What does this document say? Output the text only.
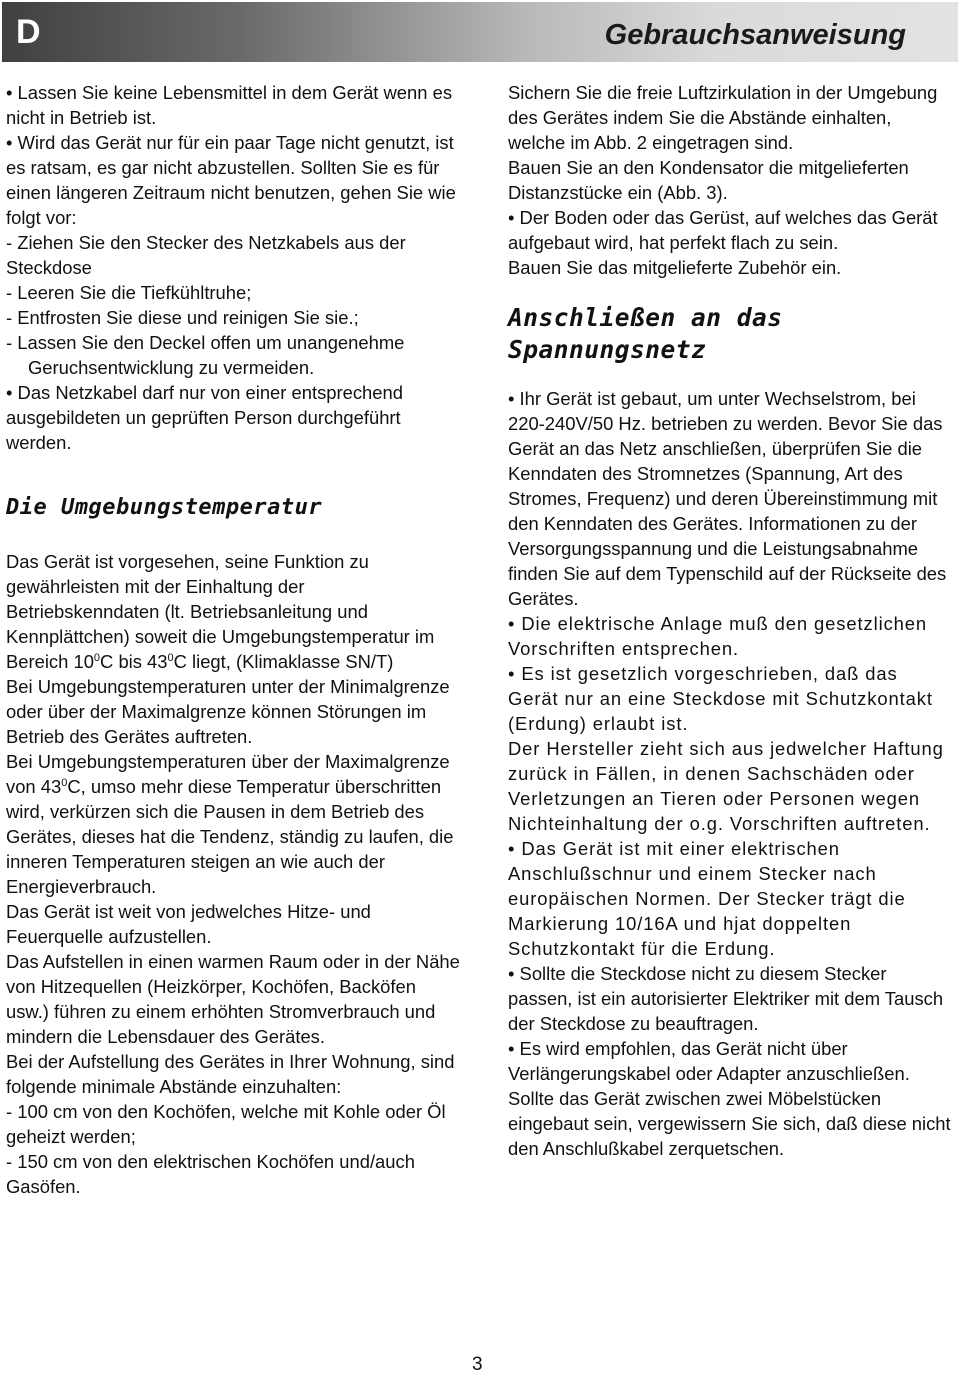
D	Gebrauchsanweisung

• Lassen Sie keine Lebensmittel in dem Gerät wenn es nicht in Betrieb ist.

• Wird das Gerät nur für ein paar Tage nicht genutzt, ist es ratsam, es gar nicht abzustellen. Sollten Sie es für einen längeren Zeitraum nicht benutzen, gehen Sie wie folgt vor:

- Ziehen Sie den Stecker des Netzkabels aus der Steckdose

- Leeren Sie die Tiefkühltruhe;

- Entfrosten Sie diese und reinigen Sie sie.;

- Lassen Sie den Deckel offen um unangenehme Geruchsentwicklung zu vermeiden.

• Das Netzkabel darf nur von einer entsprechend ausgebildeten un geprüften Person durchgeführt werden.

Die Umgebungstemperatur

Das Gerät ist vorgesehen, seine Funktion zu gewährleisten mit der Einhaltung der Betriebskenndaten (lt. Betriebsanleitung und Kennplättchen) soweit die Umgebungstemperatur im Bereich $10^0C$ bis $43^0C$ liegt, (Klimaklasse SN/T)

Bei Umgebungstemperaturen unter der Minimalgrenze oder über der Maximalgrenze können Störungen im Betrieb des Gerätes auftreten.

Bei Umgebungstemperaturen über der Maximalgrenze von $43^0C$, umso mehr diese Temperatur überschritten wird, verkürzen sich die Pausen in dem Betrieb des Gerätes, dieses hat die Tendenz, ständig zu laufen, die inneren Temperaturen steigen an wie auch der Energieverbrauch.

Das Gerät ist weit von jedwelches Hitze- und Feuerquelle aufzustellen.

Das Aufstellen in einen warmen Raum oder in der Nähe von Hitzequellen (Heizkörper, Kochöfen, Backöfen usw.) führen zu einem erhöhten Stromverbrauch und mindern die Lebensdauer des Gerätes.

Bei der Aufstellung des Gerätes in Ihrer Wohnung, sind folgende minimale Abstände einzuhalten:

- 100 cm von den Kochöfen, welche mit Kohle oder Öl geheizt werden;

- 150 cm von den elektrischen Kochöfen und/auch Gasöfen.

Sichern Sie die freie Luftzirkulation in der Umgebung des Gerätes indem Sie die Abstände einhalten, welche im Abb. 2 eingetragen sind.

Bauen Sie an den Kondensator die mitgelieferten Distanzstücke ein (Abb. 3).

• Der Boden oder das Gerüst, auf welches das Gerät aufgebaut wird, hat perfekt flach zu sein.

Bauen Sie das mitgelieferte Zubehör ein.

Anschließen an das
Spannungsnetz

• Ihr Gerät ist gebaut, um unter Wechselstrom, bei 220-240V/50 Hz. betrieben zu werden. Bevor Sie das Gerät an das Netz anschließen, überprüfen Sie die Kenndaten des Stromnetzes (Spannung, Art des Stromes, Frequenz) und deren Übereinstimmung mit den Kenndaten des Gerätes. Informationen zu der Versorgungsspannung und die Leistungsabnahme finden Sie auf dem Typenschild auf der Rückseite des Gerätes.

• Die elektrische Anlage muß den gesetzlichen Vorschriften entsprechen.

• Es ist gesetzlich vorgeschrieben, daß das Gerät nur an eine Steckdose mit Schutzkontakt (Erdung) erlaubt ist.

Der Hersteller zieht sich aus jedwelcher Haftung zurück in Fällen, in denen Sachschäden oder Verletzungen an Tieren oder Personen wegen Nichteinhaltung der o.g. Vorschriften auftreten.

• Das Gerät ist mit einer elektrischen Anschlußschnur und einem Stecker nach europäischen Normen. Der Stecker trägt die Markierung 10/16A und hjat doppelten Schutzkontakt für die Erdung.

• Sollte die Steckdose nicht zu diesem Stecker passen, ist ein autorisierter Elektriker mit dem Tausch der Steckdose zu beauftragen.

• Es wird empfohlen, das Gerät nicht über Verlängerungskabel oder Adapter anzuschließen.

Sollte das Gerät zwischen zwei Möbelstücken eingebaut sein, vergewissern Sie sich, daß diese nicht den Anschlußkabel zerquetschen.

3
